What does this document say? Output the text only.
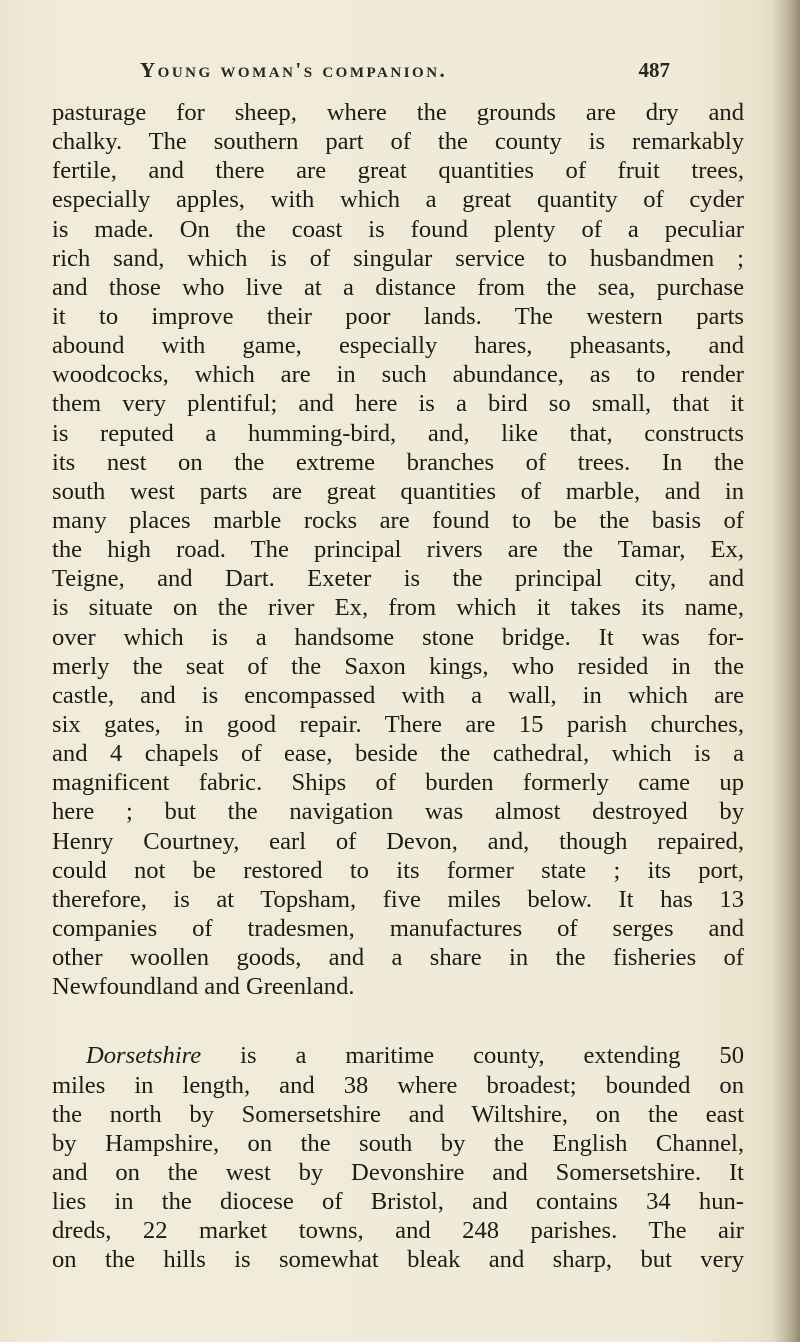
Young woman's companion.	487
pasturage for sheep, where the grounds are dry and
chalky. The southern part of the county is remarkably
fertile, and there are great quantities of fruit trees,
especially apples, with which a great quantity of cyder
is made. On the coast is found plenty of a peculiar
rich sand, which is of singular service to husbandmen ;
and those who live at a distance from the sea, purchase
it to improve their poor lands. The western parts
abound with game, especially hares, pheasants, and
woodcocks, which are in such abundance, as to render
them very plentiful; and here is a bird so small, that it
is reputed a humming-bird, and, like that, constructs
its nest on the extreme branches of trees. In the
south west parts are great quantities of marble, and in
many places marble rocks are found to be the basis of
the high road. The principal rivers are the Tamar, Ex,
Teigne, and Dart. Exeter is the principal city, and
is situate on the river Ex, from which it takes its name,
over which is a handsome stone bridge. It was for-
merly the seat of the Saxon kings, who resided in the
castle, and is encompassed with a wall, in which are
six gates, in good repair. There are 15 parish churches,
and 4 chapels of ease, beside the cathedral, which is a
magnificent fabric. Ships of burden formerly came up
here ; but the navigation was almost destroyed by
Henry Courtney, earl of Devon, and, though repaired,
could not be restored to its former state ; its port,
therefore, is at Topsham, five miles below. It has 13
companies of tradesmen, manufactures of serges and
other woollen goods, and a share in the fisheries of
Newfoundland and Greenland.
Dorsetshire is a maritime county, extending 50
miles in length, and 38 where broadest; bounded on
the north by Somersetshire and Wiltshire, on the east
by Hampshire, on the south by the English Channel,
and on the west by Devonshire and Somersetshire. It
lies in the diocese of Bristol, and contains 34 hun-
dreds, 22 market towns, and 248 parishes. The air
on the hills is somewhat bleak and sharp, but very
